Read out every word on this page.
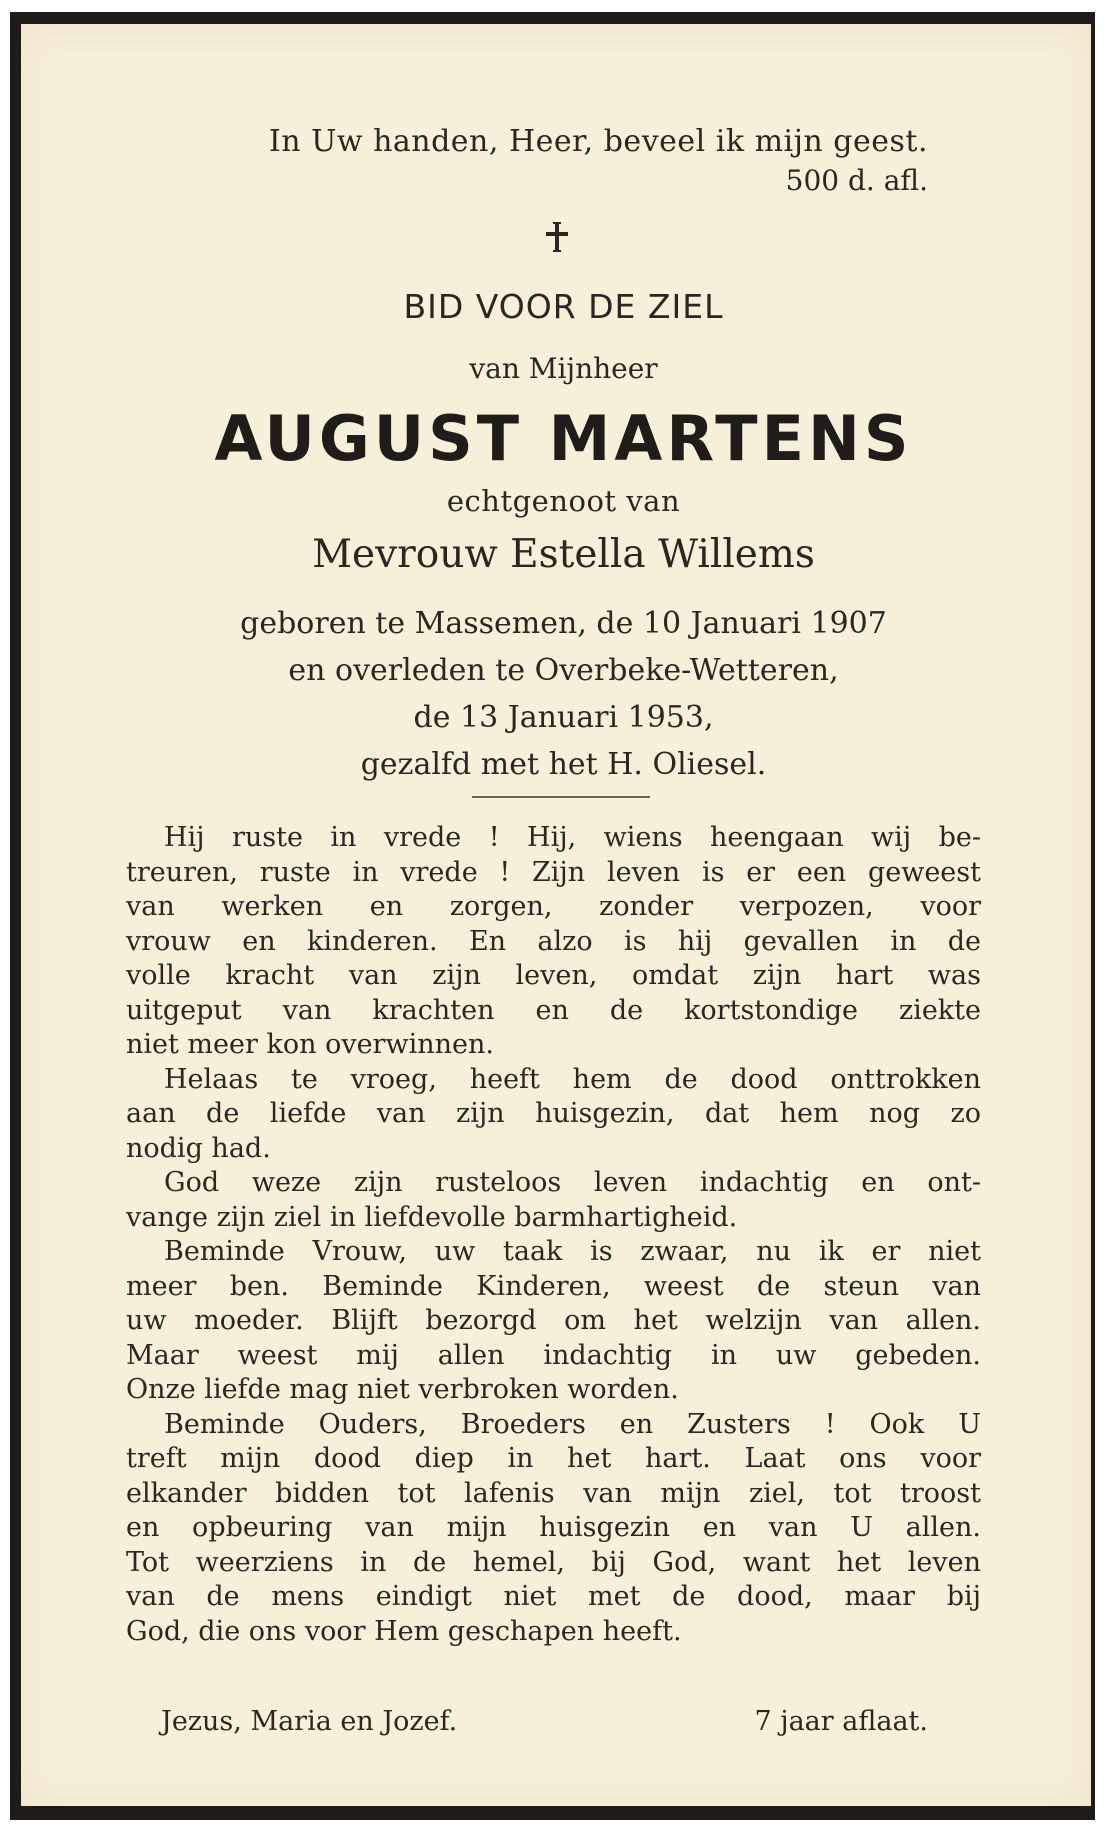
In Uw handen, Heer, beveel ik mijn geest.
500 d. afl.
BID VOOR DE ZIEL
van Mijnheer
AUGUST MARTENS
echtgenoot van
Mevrouw Estella Willems
geboren te Massemen, de 10 Januari 1907
en overleden te Overbeke-Wetteren,
de 13 Januari 1953,
gezalfd met het H. Oliesel.
Hij ruste in vrede ! Hij, wiens heengaan wij be-
treuren, ruste in vrede ! Zijn leven is er een geweest
van werken en zorgen, zonder verpozen, voor
vrouw en kinderen. En alzo is hij gevallen in de
volle kracht van zijn leven, omdat zijn hart was
uitgeput van krachten en de kortstondige ziekte
niet meer kon overwinnen.
Helaas te vroeg, heeft hem de dood onttrokken
aan de liefde van zijn huisgezin, dat hem nog zo
nodig had.
God weze zijn rusteloos leven indachtig en ont-
vange zijn ziel in liefdevolle barmhartigheid.
Beminde Vrouw, uw taak is zwaar, nu ik er niet
meer ben. Beminde Kinderen, weest de steun van
uw moeder. Blijft bezorgd om het welzijn van allen.
Maar weest mij allen indachtig in uw gebeden.
Onze liefde mag niet verbroken worden.
Beminde Ouders, Broeders en Zusters ! Ook U
treft mijn dood diep in het hart. Laat ons voor
elkander bidden tot lafenis van mijn ziel, tot troost
en opbeuring van mijn huisgezin en van U allen.
Tot weerziens in de hemel, bij God, want het leven
van de mens eindigt niet met de dood, maar bij
God, die ons voor Hem geschapen heeft.
Jezus, Maria en Jozef.	7 jaar aflaat.
